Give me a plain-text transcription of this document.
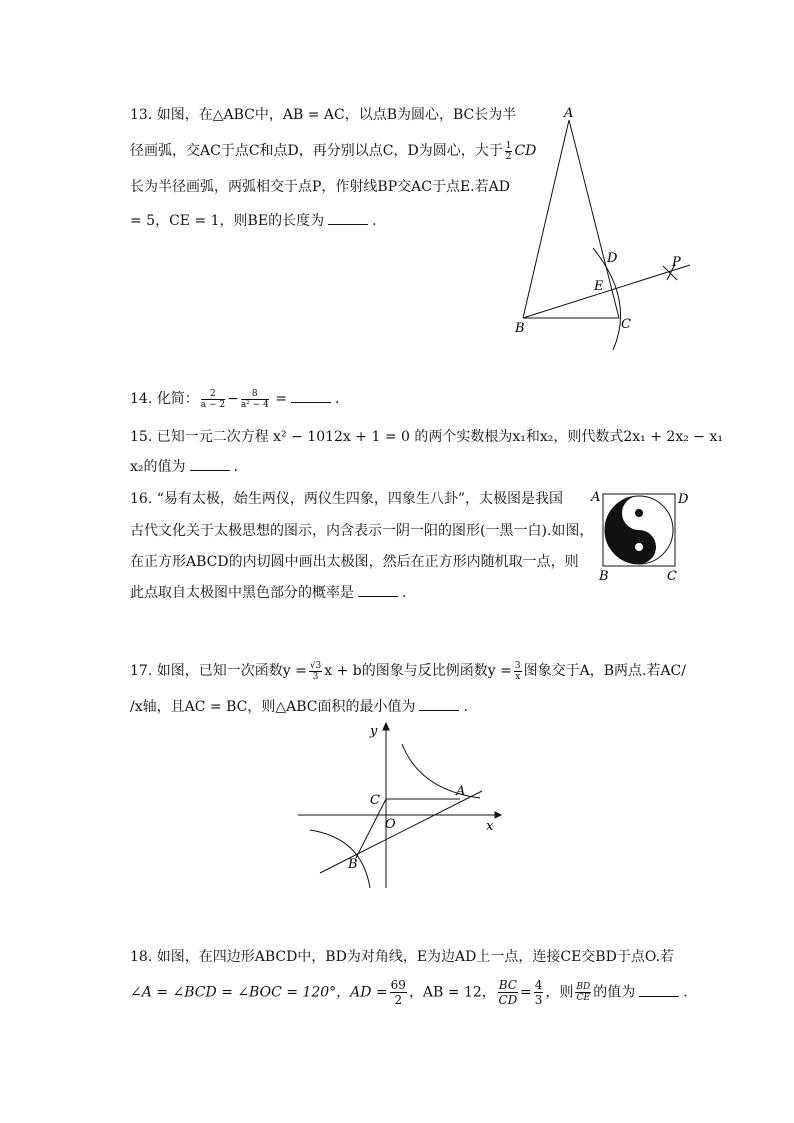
13. 如图，在△ABC中，AB = AC，以点B为圆心，BC长为半
径画弧，交AC于点C和点D，再分别以点C，D为圆心，大于 $\frac{1}{2}$ CD
长为半径画弧，两弧相交于点P，作射线BP交AC于点E.若AD
= 5，CE = 1，则BE的长度为	.
A
B	C
D
E
P
14. 化简： $\frac{2}{a - 2} - \frac{8}{\text{a² − 4}}$ =	.
15. 已知一元二次方程 x² − 1012x + 1 = 0 的两个实数根为x₁和x₂，则代数式2x₁ + 2x₂ − x₁
x₂的值为	.
16. “易有太极，始生两仪，两仪生四象，四象生八卦”，太极图是我国
古代文化关于太极思想的图示，内含表示一阴一阳的图形(一黑一白).如图，
在正方形ABCD的内切圆中画出太极图，然后在正方形内随机取一点，则
此点取自太极图中黑色部分的概率是	.
A	D
B	C
17. 如图，已知一次函数$y = \frac{√3}{3}$ x + b的图象与反比例函数$y = \frac{3}{x}$ 图象交于A，B两点.若AC/
/x轴，且AC = BC，则△ABC面积的最小值为	.
y
x
O
A
B
C
18. 如图，在四边形ABCD中，BD为对角线，E为边AD上一点，连接CE交BD于点O.若
∠A = ∠BCD = ∠BOC = 120°，AD = $\frac{69}{2}$ ，AB = 12， $\frac{BC}{CD} = \frac{4}{3}$ ，则 $\frac{BD}{CE}$ 的值为	.
